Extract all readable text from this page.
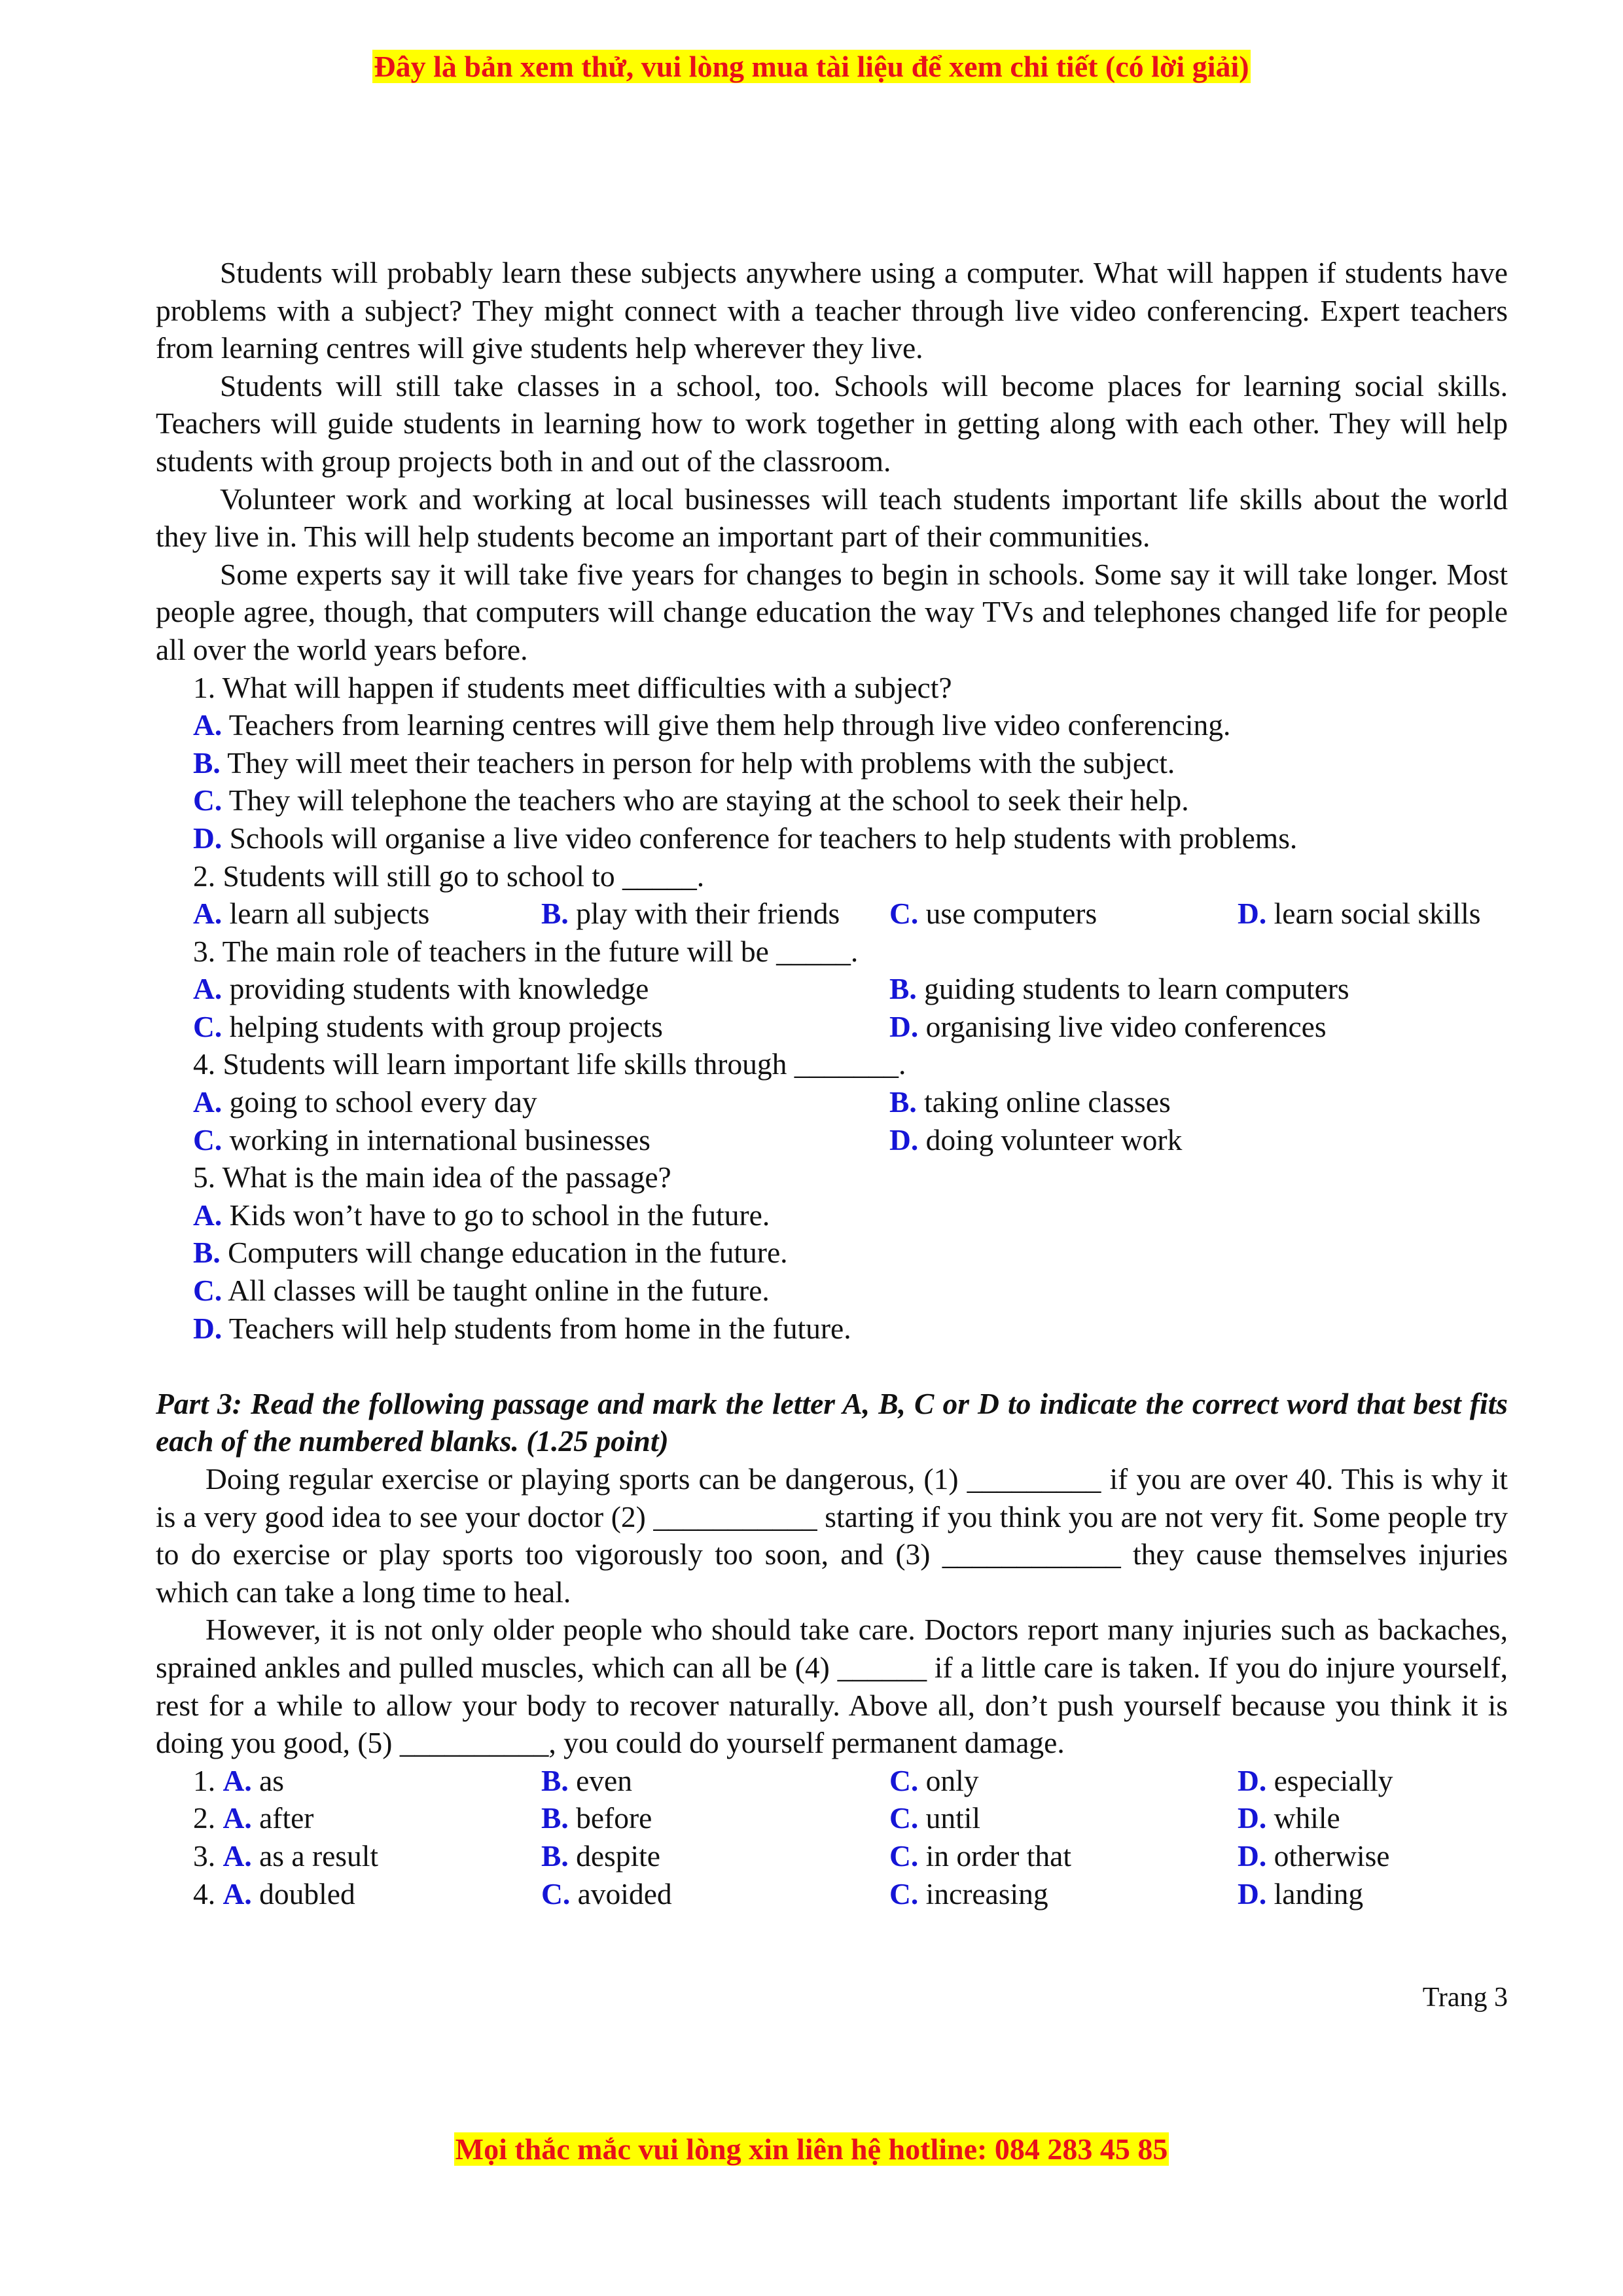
Đây là bản xem thử, vui lòng mua tài liệu để xem chi tiết (có lời giải)

Students will probably learn these subjects anywhere using a computer. What will happen if students have problems with a subject? They might connect with a teacher through live video conferencing. Expert teachers from learning centres will give students help wherever they live.

Students will still take classes in a school, too. Schools will become places for learning social skills. Teachers will guide students in learning how to work together in getting along with each other. They will help students with group projects both in and out of the classroom.

Volunteer work and working at local businesses will teach students important life skills about the world they live in. This will help students become an important part of their communities.

Some experts say it will take five years for changes to begin in schools. Some say it will take longer. Most people agree, though, that computers will change education the way TVs and telephones changed life for people all over the world years before.

1. What will happen if students meet difficulties with a subject?

A. Teachers from learning centres will give them help through live video conferencing.

B. They will meet their teachers in person for help with problems with the subject.

C. They will telephone the teachers who are staying at the school to seek their help.

D. Schools will organise a live video conference for teachers to help students with problems.

2. Students will still go to school to _____.

A. learn all subjects	B. play with their friends	C. use computers	D. learn social skills

3. The main role of teachers in the future will be _____.

A. providing students with knowledge	B. guiding students to learn computers
C. helping students with group projects	D. organising live video conferences

4. Students will learn important life skills through _______.

A. going to school every day	B. taking online classes
C. working in international businesses	D. doing volunteer work

5. What is the main idea of the passage?

A. Kids won’t have to go to school in the future.

B. Computers will change education in the future.

C. All classes will be taught online in the future.

D. Teachers will help students from home in the future.

Part 3: Read the following passage and mark the letter A, B, C or D to indicate the correct word that best fits each of the numbered blanks. (1.25 point)

Doing regular exercise or playing sports can be dangerous, (1) _________ if you are over 40. This is why it is a very good idea to see your doctor (2) ___________ starting if you think you are not very fit. Some people try to do exercise or play sports too vigorously too soon, and (3) ____________ they cause themselves injuries which can take a long time to heal.

However, it is not only older people who should take care. Doctors report many injuries such as backaches, sprained ankles and pulled muscles, which can all be (4) ______ if a little care is taken. If you do injure yourself, rest for a while to allow your body to recover naturally. Above all, don’t push yourself because you think it is doing you good, (5) __________, you could do yourself permanent damage.

1. A. as	B. even	C. only	D. especially
2. A. after	B. before	C. until	D. while
3. A. as a result	B. despite	C. in order that	D. otherwise
4. A. doubled	C. avoided	C. increasing	D. landing
Trang 3
Mọi thắc mắc vui lòng xin liên hệ hotline: 084 283 45 85
